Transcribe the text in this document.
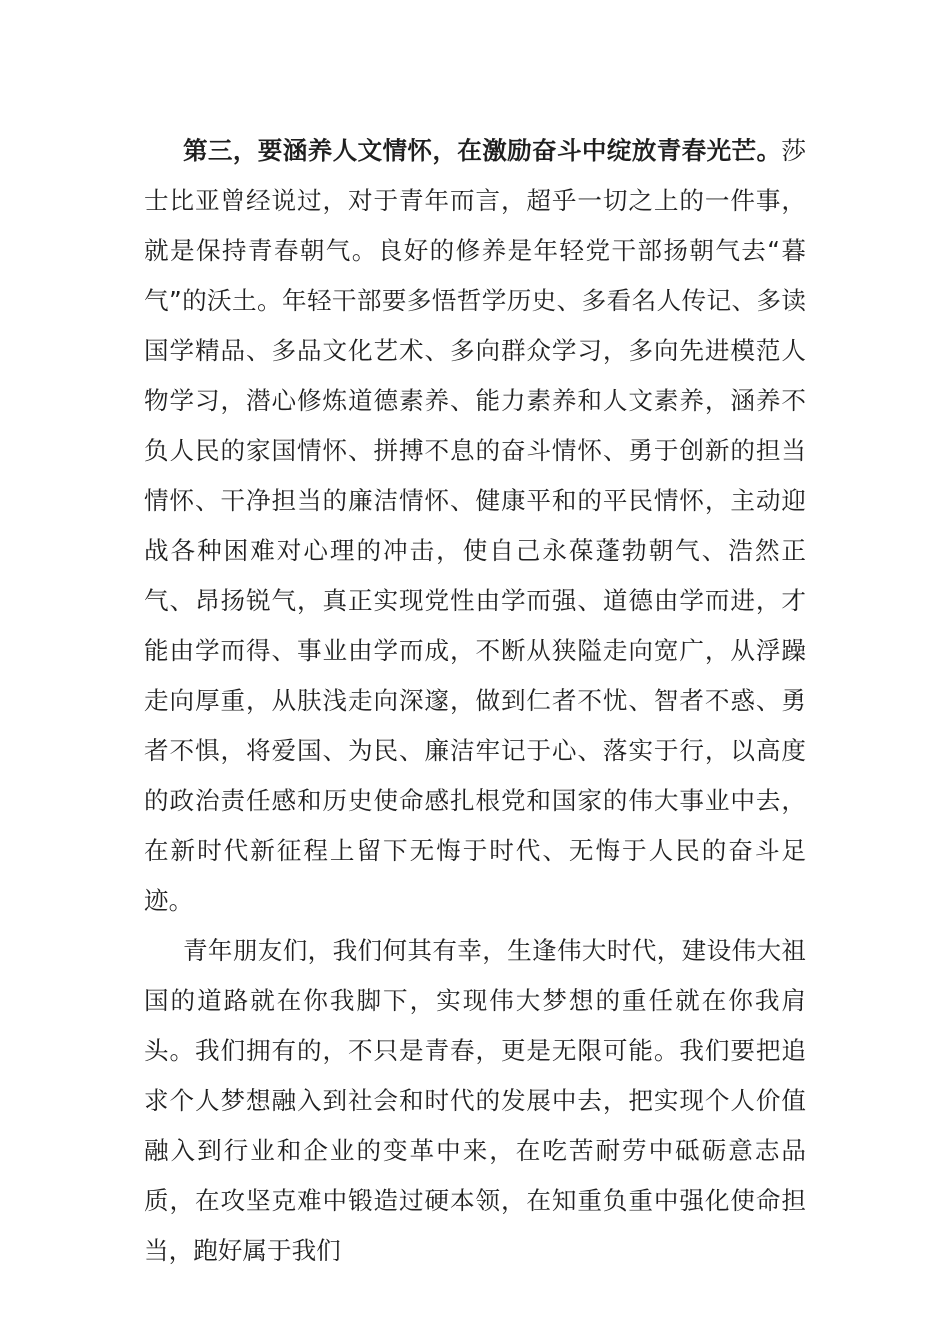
第三，要涵养人文情怀，在激励奋斗中绽放青春光芒。莎士比亚曾经说过，对于青年而言，超乎一切之上的一件事，就是保持青春朝气。良好的修养是年轻党干部扬朝气去“暮气”的沃土。年轻干部要多悟哲学历史、多看名人传记、多读国学精品、多品文化艺术、多向群众学习，多向先进模范人物学习，潜心修炼道德素养、能力素养和人文素养，涵养不负人民的家国情怀、拼搏不息的奋斗情怀、勇于创新的担当情怀、干净担当的廉洁情怀、健康平和的平民情怀，主动迎战各种困难对心理的冲击，使自己永葆蓬勃朝气、浩然正气、昂扬锐气，真正实现党性由学而强、道德由学而进，才能由学而得、事业由学而成，不断从狭隘走向宽广，从浮躁走向厚重，从肤浅走向深邃，做到仁者不忧、智者不惑、勇者不惧，将爱国、为民、廉洁牢记于心、落实于行，以高度的政治责任感和历史使命感扎根党和国家的伟大事业中去，在新时代新征程上留下无悔于时代、无悔于人民的奋斗足迹。

青年朋友们，我们何其有幸，生逢伟大时代，建设伟大祖国的道路就在你我脚下，实现伟大梦想的重任就在你我肩头。我们拥有的，不只是青春，更是无限可能。我们要把追求个人梦想融入到社会和时代的发展中去，把实现个人价值融入到行业和企业的变革中来，在吃苦耐劳中砥砺意志品质，在攻坚克难中锻造过硬本领，在知重负重中强化使命担当，跑好属于我们
